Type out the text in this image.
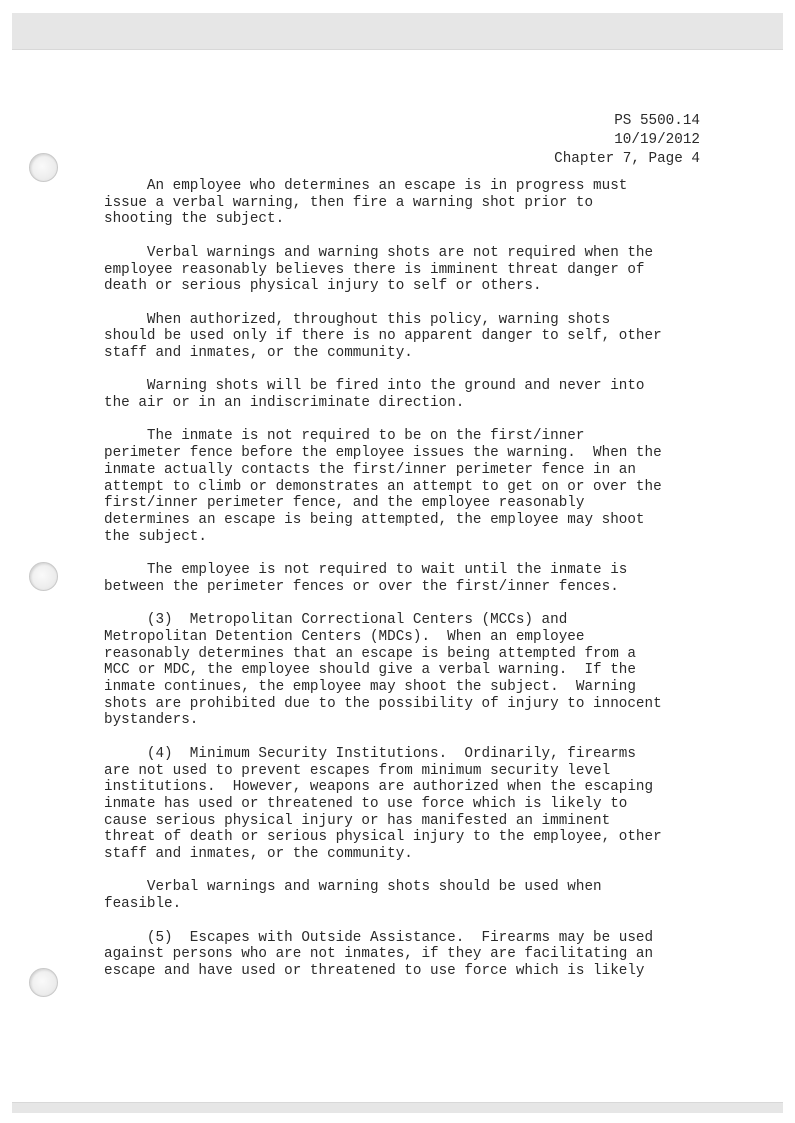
PS 5500.14
10/19/2012
Chapter 7, Page 4

An employee who determines an escape is in progress must
issue a verbal warning, then fire a warning shot prior to
shooting the subject.

Verbal warnings and warning shots are not required when the
employee reasonably believes there is imminent threat danger of
death or serious physical injury to self or others.

When authorized, throughout this policy, warning shots
should be used only if there is no apparent danger to self, other
staff and inmates, or the community.

Warning shots will be fired into the ground and never into
the air or in an indiscriminate direction.

The inmate is not required to be on the first/inner
perimeter fence before the employee issues the warning.  When the
inmate actually contacts the first/inner perimeter fence in an
attempt to climb or demonstrates an attempt to get on or over the
first/inner perimeter fence, and the employee reasonably
determines an escape is being attempted, the employee may shoot
the subject.

The employee is not required to wait until the inmate is
between the perimeter fences or over the first/inner fences.

(3)  Metropolitan Correctional Centers (MCCs) and
Metropolitan Detention Centers (MDCs).  When an employee
reasonably determines that an escape is being attempted from a
MCC or MDC, the employee should give a verbal warning.  If the
inmate continues, the employee may shoot the subject.  Warning
shots are prohibited due to the possibility of injury to innocent
bystanders.

(4)  Minimum Security Institutions.  Ordinarily, firearms
are not used to prevent escapes from minimum security level
institutions.  However, weapons are authorized when the escaping
inmate has used or threatened to use force which is likely to
cause serious physical injury or has manifested an imminent
threat of death or serious physical injury to the employee, other
staff and inmates, or the community.

Verbal warnings and warning shots should be used when
feasible.

(5)  Escapes with Outside Assistance.  Firearms may be used
against persons who are not inmates, if they are facilitating an
escape and have used or threatened to use force which is likely
